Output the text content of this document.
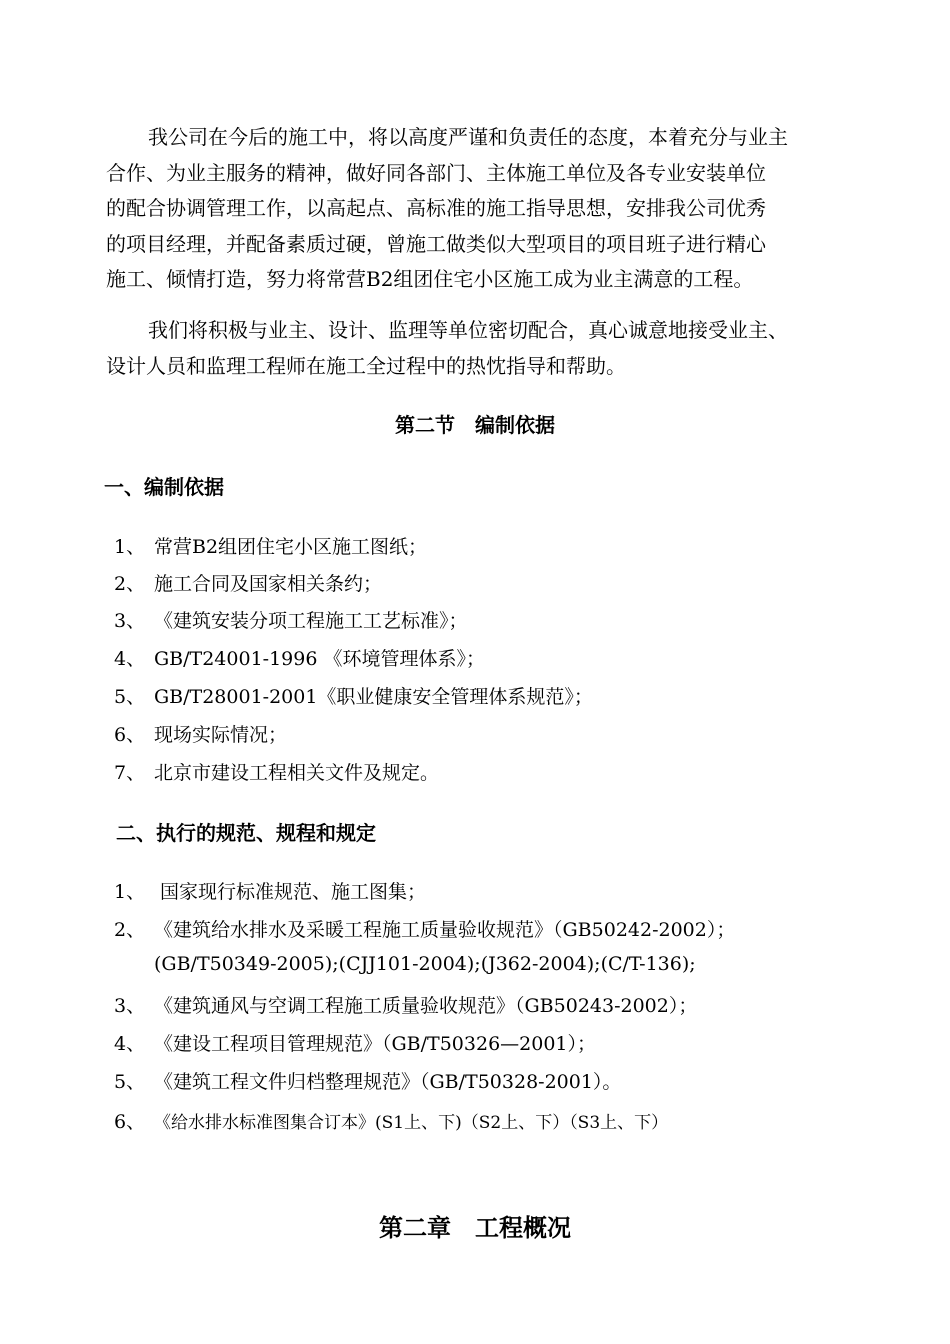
我公司在今后的施工中，将以高度严谨和负责任的态度，本着充分与业主
合作、为业主服务的精神，做好同各部门、主体施工单位及各专业安装单位
的配合协调管理工作，以高起点、高标准的施工指导思想，安排我公司优秀
的项目经理，并配备素质过硬，曾施工做类似大型项目的项目班子进行精心
施工、倾情打造，努力将常营B2组团住宅小区施工成为业主满意的工程。
我们将积极与业主、设计、监理等单位密切配合，真心诚意地接受业主、
设计人员和监理工程师在施工全过程中的热忱指导和帮助。
第二节　编制依据
一、编制依据
1、 常营B2组团住宅小区施工图纸；
2、 施工合同及国家相关条约；
3、 《建筑安装分项工程施工工艺标准》；
4、 GB/T24001-1996 《环境管理体系》；
5、 GB/T28001-2001《职业健康安全管理体系规范》；
6、 现场实际情况；
7、 北京市建设工程相关文件及规定。
二、执行的规范、规程和规定
1、 国家现行标准规范、施工图集；
2、 《建筑给水排水及采暖工程施工质量验收规范》（GB50242-2002）；
(GB/T50349-2005);(CJJ101-2004);(J362-2004);(C/T-136);
3、 《建筑通风与空调工程施工质量验收规范》（GB50243-2002）；
4、 《建设工程项目管理规范》（GB/T50326—2001）；
5、 《建筑工程文件归档整理规范》（GB/T50328-2001）。
6、 《给水排水标准图集合订本》(S1上、下)（S2上、下）（S3上、下）
第二章　工程概况
